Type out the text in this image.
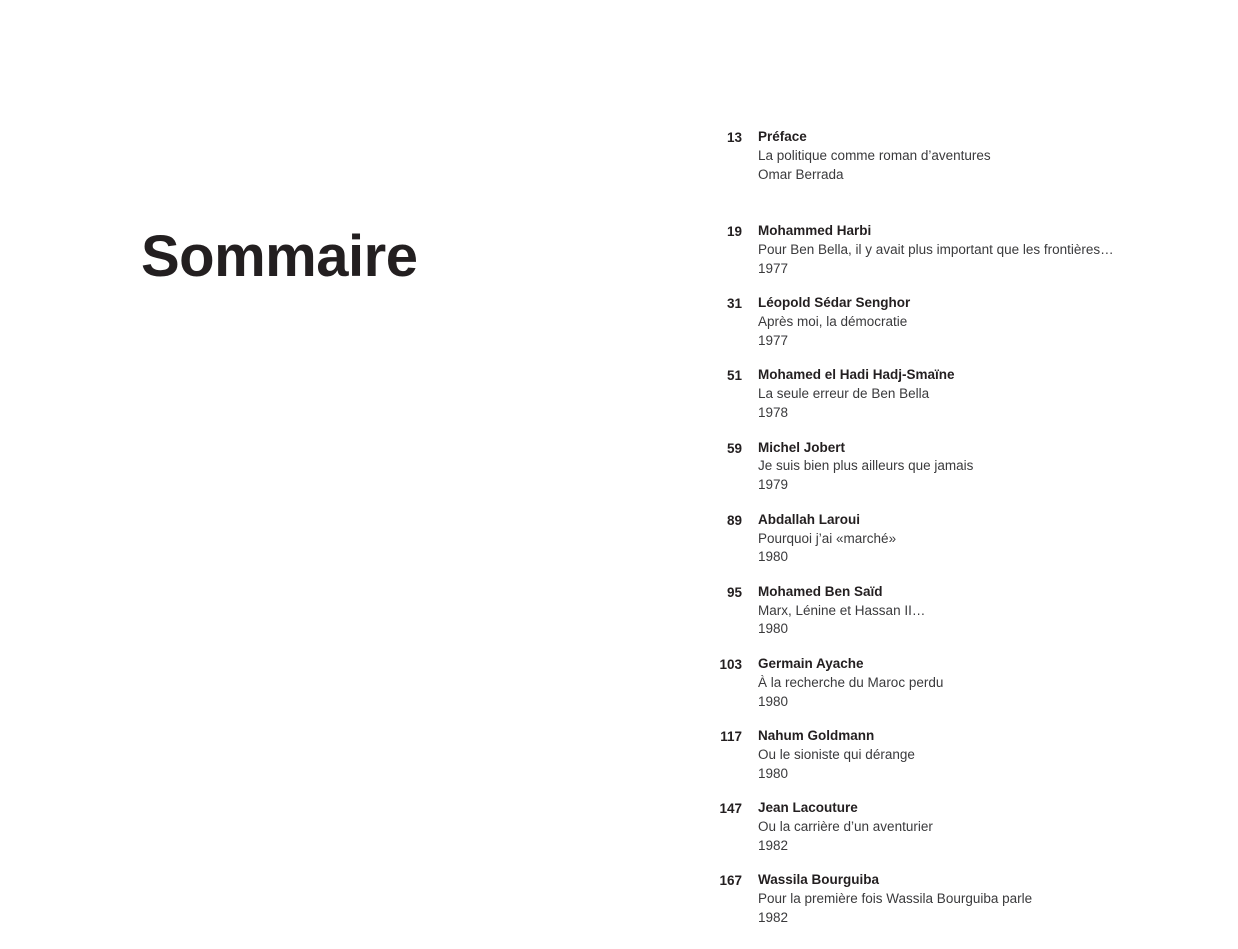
Sommaire
13 Préface
La politique comme roman d’aventures
Omar Berrada
19 Mohammed Harbi
Pour Ben Bella, il y avait plus important que les frontières…
1977
31 Léopold Sédar Senghor
Après moi, la démocratie
1977
51 Mohamed el Hadi Hadj-Smaïne
La seule erreur de Ben Bella
1978
59 Michel Jobert
Je suis bien plus ailleurs que jamais
1979
89 Abdallah Laroui
Pourquoi j’ai «marché»
1980
95 Mohamed Ben Saïd
Marx, Lénine et Hassan II…
1980
103 Germain Ayache
À la recherche du Maroc perdu
1980
117 Nahum Goldmann
Ou le sioniste qui dérange
1980
147 Jean Lacouture
Ou la carrière d’un aventurier
1982
167 Wassila Bourguiba
Pour la première fois Wassila Bourguiba parle
1982
